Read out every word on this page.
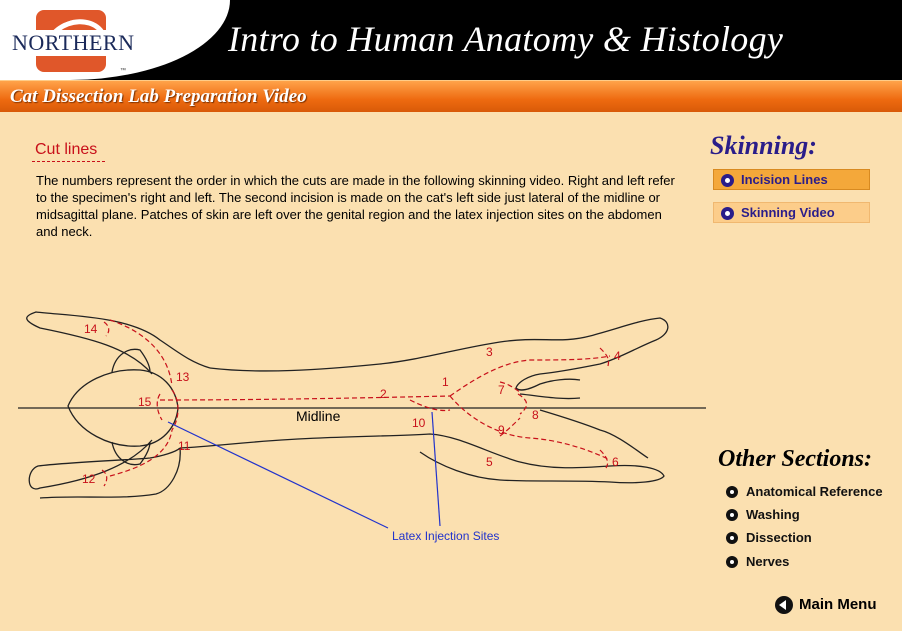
NORTHERN
™
Intro to Human Anatomy & Histology
Cat Dissection Lab Preparation Video
Cut lines
The numbers represent the order in which the cuts are made in the following skinning video. Right and left refer to the specimen's right and left. The second incision is made on the cat's left side just lateral of the midline or midsagittal plane. Patches of skin are left over the genital region and the latex injection sites on the abdomen and neck.
1
2
3	4
5	6
7
8
9
10
11
12
13
14
15
Midline
Latex Injection Sites
Skinning:
Incision Lines
Skinning Video
Other Sections:
Anatomical Reference
Washing
Dissection
Nerves
Main Menu
